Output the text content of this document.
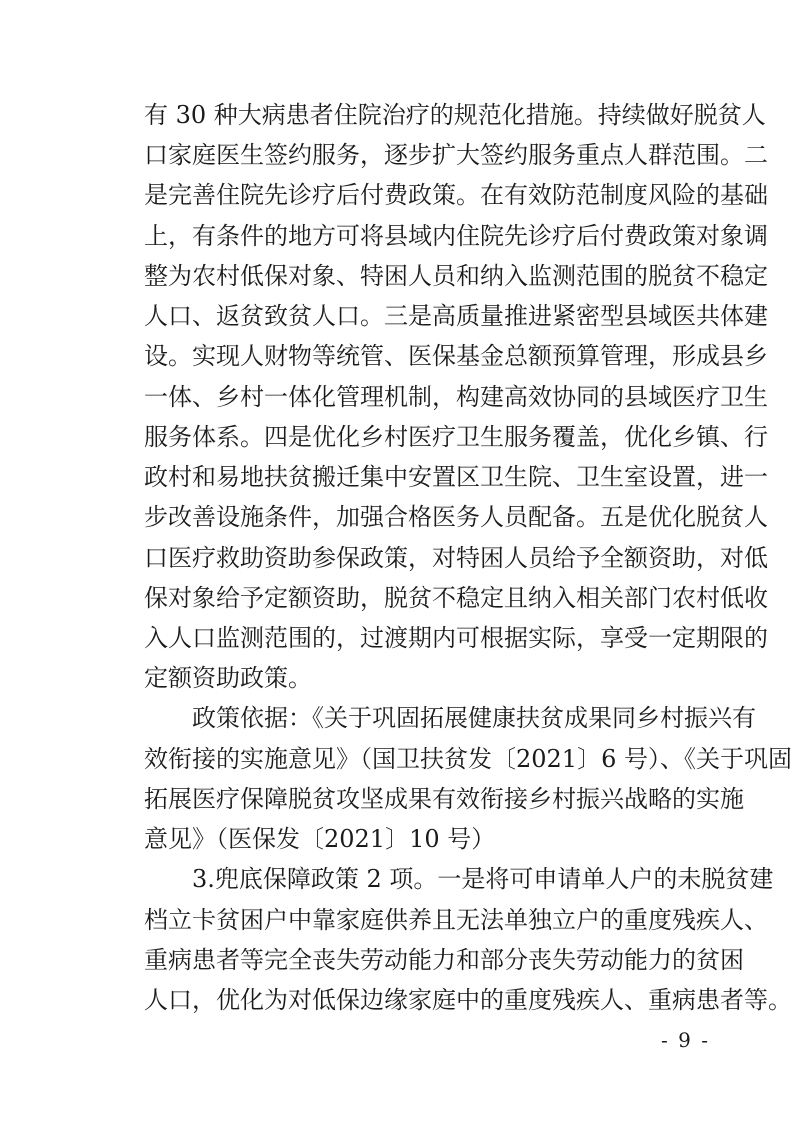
有 30 种大病患者住院治疗的规范化措施。持续做好脱贫人
口家庭医生签约服务，逐步扩大签约服务重点人群范围。二
是完善住院先诊疗后付费政策。在有效防范制度风险的基础
上，有条件的地方可将县域内住院先诊疗后付费政策对象调
整为农村低保对象、特困人员和纳入监测范围的脱贫不稳定
人口、返贫致贫人口。三是高质量推进紧密型县域医共体建
设。实现人财物等统管、医保基金总额预算管理，形成县乡
一体、乡村一体化管理机制，构建高效协同的县域医疗卫生
服务体系。四是优化乡村医疗卫生服务覆盖，优化乡镇、行
政村和易地扶贫搬迁集中安置区卫生院、卫生室设置，进一
步改善设施条件，加强合格医务人员配备。五是优化脱贫人
口医疗救助资助参保政策，对特困人员给予全额资助，对低
保对象给予定额资助，脱贫不稳定且纳入相关部门农村低收
入人口监测范围的，过渡期内可根据实际，享受一定期限的
定额资助政策。
政策依据：《关于巩固拓展健康扶贫成果同乡村振兴有
效衔接的实施意见》（国卫扶贫发〔2021〕6 号）、《关于巩固
拓展医疗保障脱贫攻坚成果有效衔接乡村振兴战略的实施
意见》（医保发〔2021〕10 号）
3.兜底保障政策 2 项。一是将可申请单人户的未脱贫建
档立卡贫困户中靠家庭供养且无法单独立户的重度残疾人、
重病患者等完全丧失劳动能力和部分丧失劳动能力的贫困
人口，优化为对低保边缘家庭中的重度残疾人、重病患者等。
- 9 -
